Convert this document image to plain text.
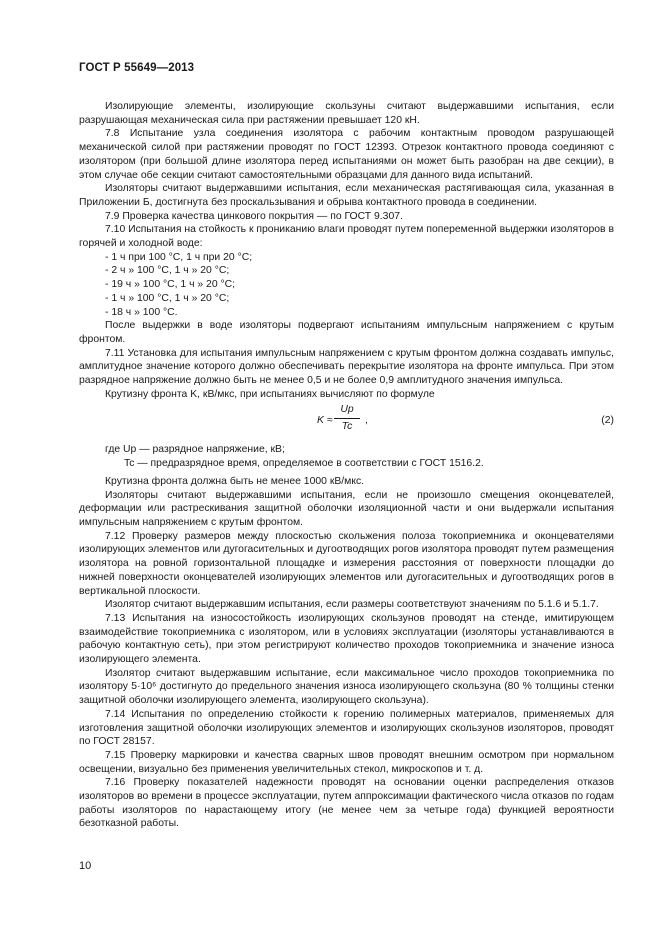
ГОСТ Р 55649—2013

Изолирующие элементы, изолирующие скользуны считают выдержавшими испытания, если разрушающая механическая сила при растяжении превышает 120 кН.

7.8 Испытание узла соединения изолятора с рабочим контактным проводом разрушающей механической силой при растяжении проводят по ГОСТ 12393. Отрезок контактного провода соединяют с изолятором (при большой длине изолятора перед испытаниями он может быть разобран на две секции), в этом случае обе секции считают самостоятельными образцами для данного вида испытаний.

Изоляторы считают выдержавшими испытания, если механическая растягивающая сила, указанная в Приложении Б, достигнута без проскальзывания и обрыва контактного провода в соединении.

7.9 Проверка качества цинкового покрытия — по ГОСТ 9.307.

7.10 Испытания на стойкость к прониканию влаги проводят путем попеременной выдержки изоляторов в горячей и холодной воде:

- 1 ч при 100 °С, 1 ч при 20 °С;

- 2 ч » 100 °С, 1 ч » 20 °С;

- 19 ч » 100 °С, 1 ч » 20 °С;

- 1 ч » 100 °С, 1 ч » 20 °С;

- 18 ч » 100 °С.

После выдержки в воде изоляторы подвергают испытаниям импульсным напряжением с крутым фронтом.

7.11 Установка для испытания импульсным напряжением с крутым фронтом должна создавать импульс, амплитудное значение которого должно обеспечивать перекрытие изолятора на фронте импульса. При этом разрядное напряжение должно быть не менее 0,5 и не более 0,9 амплитудного значения импульса.

Крутизну фронта K, кВ/мкс, при испытаниях вычисляют по формуле

$K \approx \frac{Up}{Tc}$ ,	(2)

где Up — разрядное напряжение, кВ;

Tc — предразрядное время, определяемое в соответствии с ГОСТ 1516.2.

Крутизна фронта должна быть не менее 1000 кВ/мкс.

Изоляторы считают выдержавшими испытания, если не произошло смещения оконцевателей, деформации или растрескивания защитной оболочки изоляционной части и они выдержали испытания импульсным напряжением с крутым фронтом.

7.12 Проверку размеров между плоскостью скольжения полоза токоприемника и оконцевателями изолирующих элементов или дугогасительных и дугоотводящих рогов изолятора проводят путем размещения изолятора на ровной горизонтальной площадке и измерения расстояния от поверхности площадки до нижней поверхности оконцевателей изолирующих элементов или дугогасительных и дугоотводящих рогов в вертикальной плоскости.

Изолятор считают выдержавшим испытания, если размеры соответствуют значениям по 5.1.6 и 5.1.7.

7.13 Испытания на износостойкость изолирующих скользунов проводят на стенде, имитирующем взаимодействие токоприемника с изолятором, или в условиях эксплуатации (изоляторы устанавливаются в рабочую контактную сеть), при этом регистрируют количество проходов токоприемника и значение износа изолирующего элемента.

Изолятор считают выдержавшим испытание, если максимальное число проходов токоприемника по изолятору 5·10⁶ достигнуто до предельного значения износа изолирующего скользуна (80 % толщины стенки защитной оболочки изолирующего элемента, изолирующего скользуна).

7.14 Испытания по определению стойкости к горению полимерных материалов, применяемых для изготовления защитной оболочки изолирующих элементов и изолирующих скользунов изоляторов, проводят по ГОСТ 28157.

7.15 Проверку маркировки и качества сварных швов проводят внешним осмотром при нормальном освещении, визуально без применения увеличительных стекол, микроскопов и т. д.

7.16 Проверку показателей надежности проводят на основании оценки распределения отказов изоляторов во времени в процессе эксплуатации, путем аппроксимации фактического числа отказов по годам работы изоляторов по нарастающему итогу (не менее чем за четыре года) функцией вероятности безотказной работы.

10
